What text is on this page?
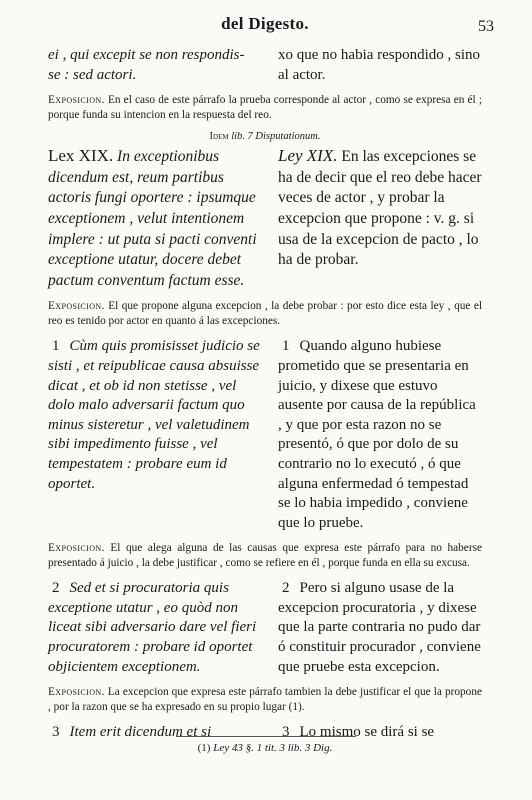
del Digesto.	53
ei , qui excepit se non respondis- se : sed actori.
xo que no habia respondido , sino al actor.
Exposicion. En el caso de este párrafo la prueba corresponde al actor , como se expresa en él ; porque funda su intencion en la respuesta del reo.
Idem lib. 7 Disputationum.
Lex XIX. In exceptionibus dicendum est, reum partibus actoris fungi oportere : ipsumque exceptionem , velut intentionem implere : ut puta si pacti conventi exceptione utatur, docere debet pactum conventum factum esse.
Ley XIX. En las excepciones se ha de decir que el reo debe hacer veces de actor , y probar la excepcion que propone : v. g. si usa de la excepcion de pacto , lo ha de probar.
Exposicion. El que propone alguna excepcion , la debe probar : por esto dice esta ley , que el reo es tenido por actor en quanto á las excepciones.
1 Cùm quis promisisset judicio se sisti , et reipublicae causa absuisse dicat , et ob id non stetisse , vel dolo malo adversarii factum quo minus sisteretur , vel valetudinem sibi impedimento fuisse , vel tempestatem : probare eum id oportet.
1 Quando alguno hubiese prometido que se presentaria en juicio, y dixese que estuvo ausente por causa de la república , y que por esta razon no se presentó, ó que por dolo de su contrario no lo executó , ó que alguna enfermedad ó tempestad se lo habia impedido , conviene que lo pruebe.
Exposicion. El que alega alguna de las causas que expresa este párrafo para no haberse presentado á juicio , la debe justificar , como se refiere en él , porque funda en ella su excusa.
2 Sed et si procuratoria quis exceptione utatur , eo quòd non liceat sibi adversario dare vel fieri procuratorem : probare id oportet objicientem exceptionem.
2 Pero si alguno usase de la excepcion procuratoria , y dixese que la parte contraria no pudo dar ó constituir procurador , conviene que pruebe esta excepcion.
Exposicion. La excepcion que expresa este párrafo tambien la debe justificar el que la propone , por la razon que se ha expresado en su propio lugar (1).
3 Item erit dicendum et si	3 Lo mismo se dirá si se
(1) Ley 43 §. 1 tit. 3 lib. 3 Dig.
